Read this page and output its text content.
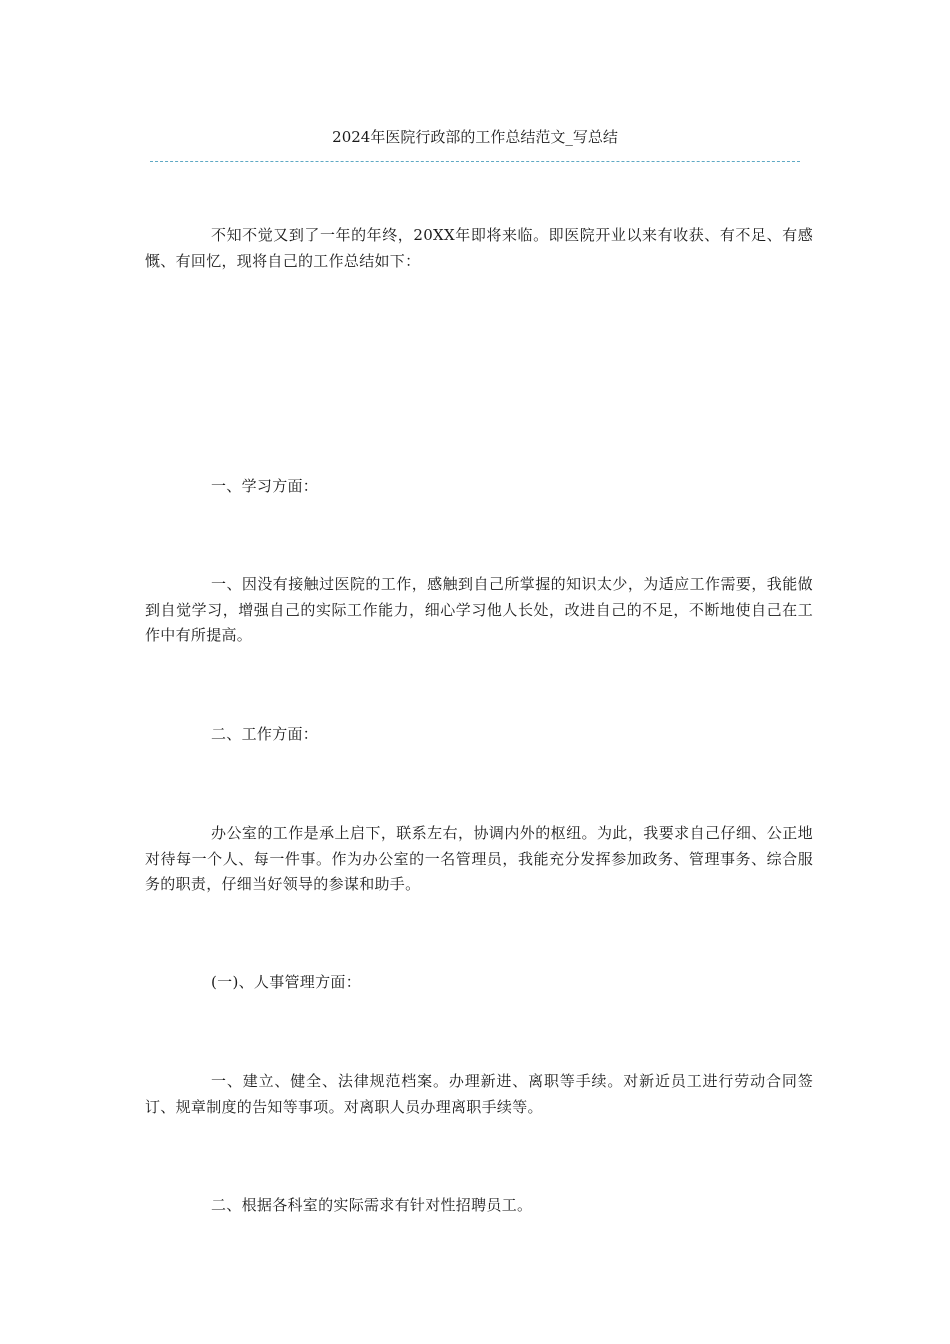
2024年医院行政部的工作总结范文_写总结

不知不觉又到了一年的年终，20XX年即将来临。即医院开业以来有收获、有不足、有感慨、有回忆，现将自己的工作总结如下：

一、学习方面：

一、因没有接触过医院的工作，感触到自己所掌握的知识太少，为适应工作需要，我能做到自觉学习，增强自己的实际工作能力，细心学习他人长处，改进自己的不足，不断地使自己在工作中有所提高。

二、工作方面：

办公室的工作是承上启下，联系左右，协调内外的枢纽。为此，我要求自己仔细、公正地对待每一个人、每一件事。作为办公室的一名管理员，我能充分发挥参加政务、管理事务、综合服务的职责，仔细当好领导的参谋和助手。

(一)、人事管理方面：

一、建立、健全、法律规范档案。办理新进、离职等手续。对新近员工进行劳动合同签订、规章制度的告知等事项。对离职人员办理离职手续等。

二、根据各科室的实际需求有针对性招聘员工。
